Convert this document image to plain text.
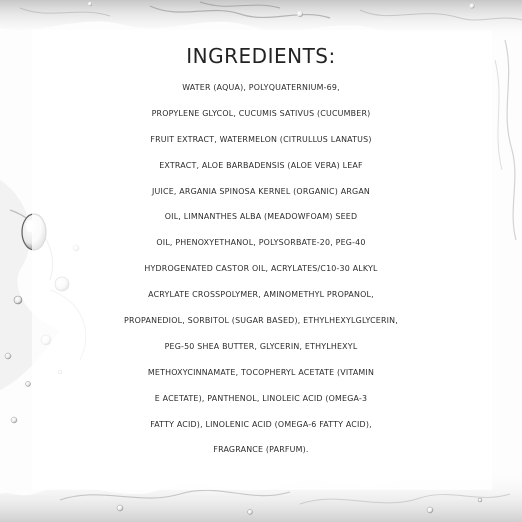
INGREDIENTS:
WATER (AQUA), POLYQUATERNIUM-69,
PROPYLENE GLYCOL, CUCUMIS SATIVUS (CUCUMBER)
FRUIT EXTRACT, WATERMELON (CITRULLUS LANATUS)
EXTRACT, ALOE BARBADENSIS (ALOE VERA) LEAF
JUICE, ARGANIA SPINOSA KERNEL (ORGANIC) ARGAN
OIL, LIMNANTHES ALBA (MEADOWFOAM) SEED
OIL, PHENOXYETHANOL, POLYSORBATE-20, PEG-40
HYDROGENATED CASTOR OIL, ACRYLATES/C10-30 ALKYL
ACRYLATE CROSSPOLYMER, AMINOMETHYL PROPANOL,
PROPANEDIOL, SORBITOL (SUGAR BASED), ETHYLHEXYLGLYCERIN,
PEG-50 SHEA BUTTER, GLYCERIN, ETHYLHEXYL
METHOXYCINNAMATE, TOCOPHERYL ACETATE (VITAMIN
E ACETATE), PANTHENOL, LINOLEIC ACID (OMEGA-3
FATTY ACID), LINOLENIC ACID (OMEGA-6 FATTY ACID),
FRAGRANCE (PARFUM).
